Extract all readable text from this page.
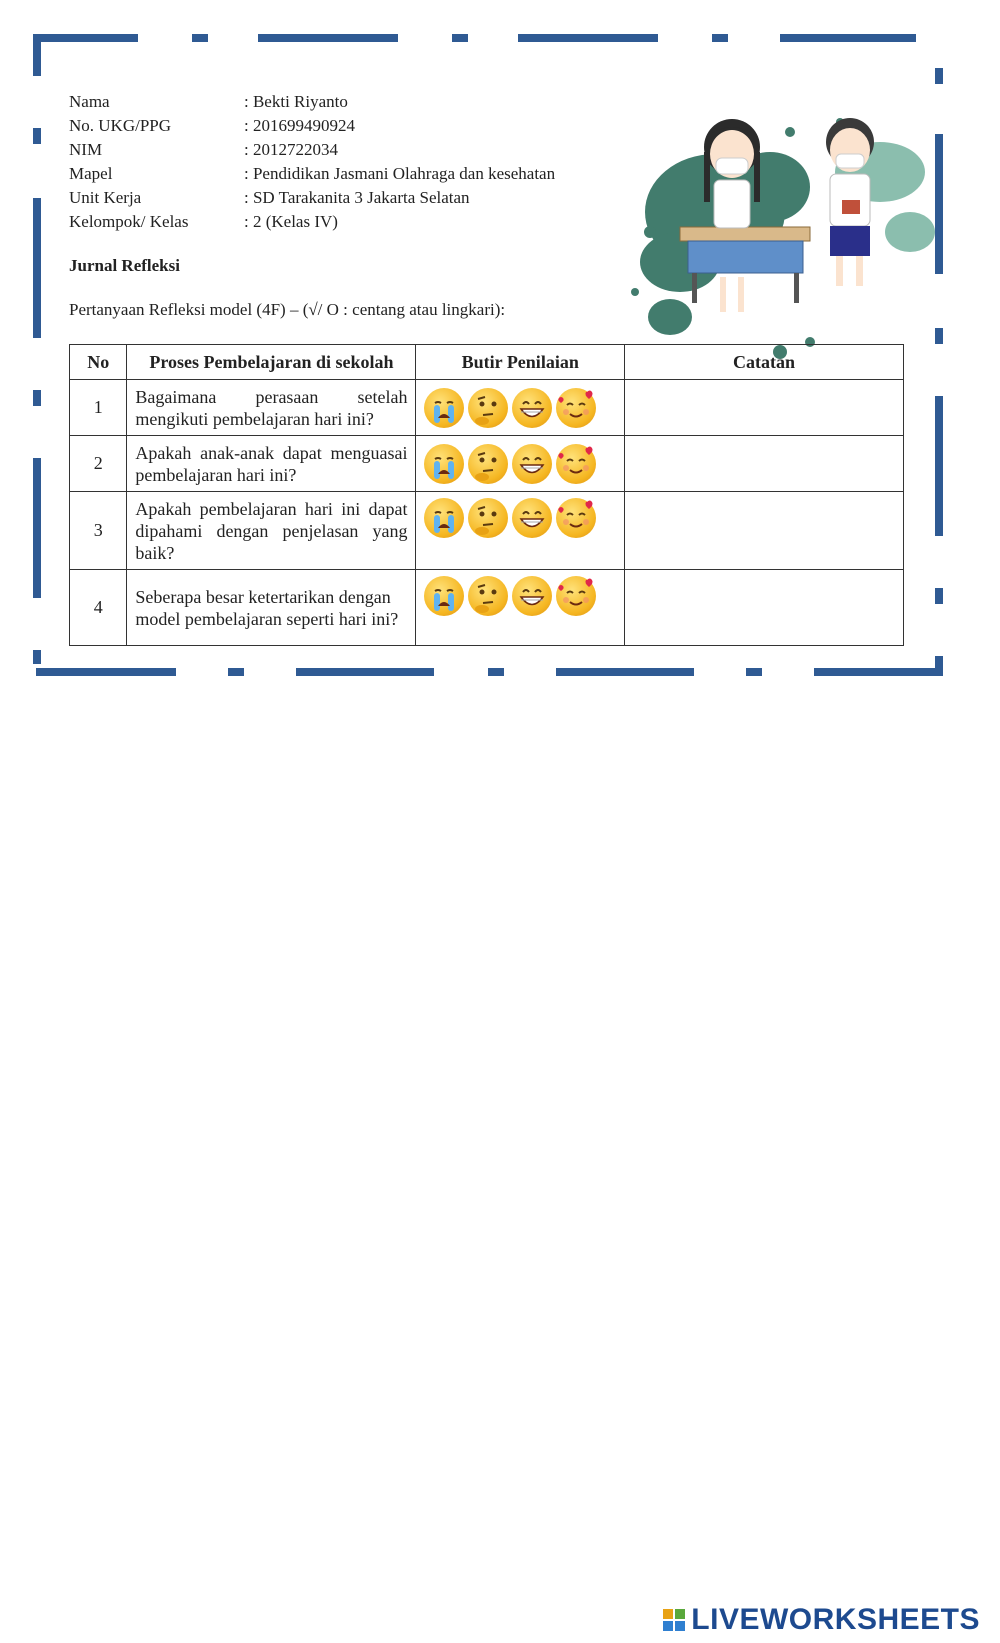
Nama	: Bekti Riyanto
No. UKG/PPG	: 201699490924
NIM	: 2012722034
Mapel	: Pendidikan Jasmani Olahraga dan kesehatan
Unit Kerja	: SD Tarakanita 3 Jakarta Selatan
Kelompok/ Kelas	: 2 (Kelas IV)
Jurnal Refleksi
Pertanyaan Refleksi model (4F) – (√/ O : centang atau lingkari):
No	Proses Pembelajaran di sekolah	Butir Penilaian	Catatan
1	Bagaimana perasaan setelah mengikuti pembelajaran hari ini?	

2	Apakah anak-anak dapat menguasai pembelajaran hari ini?	

3	Apakah pembelajaran hari ini dapat dipahami dengan penjelasan yang baik?	

4	Seberapa besar ketertarikan dengan model pembelajaran seperti hari ini?	

LIVEWORKSHEETS
